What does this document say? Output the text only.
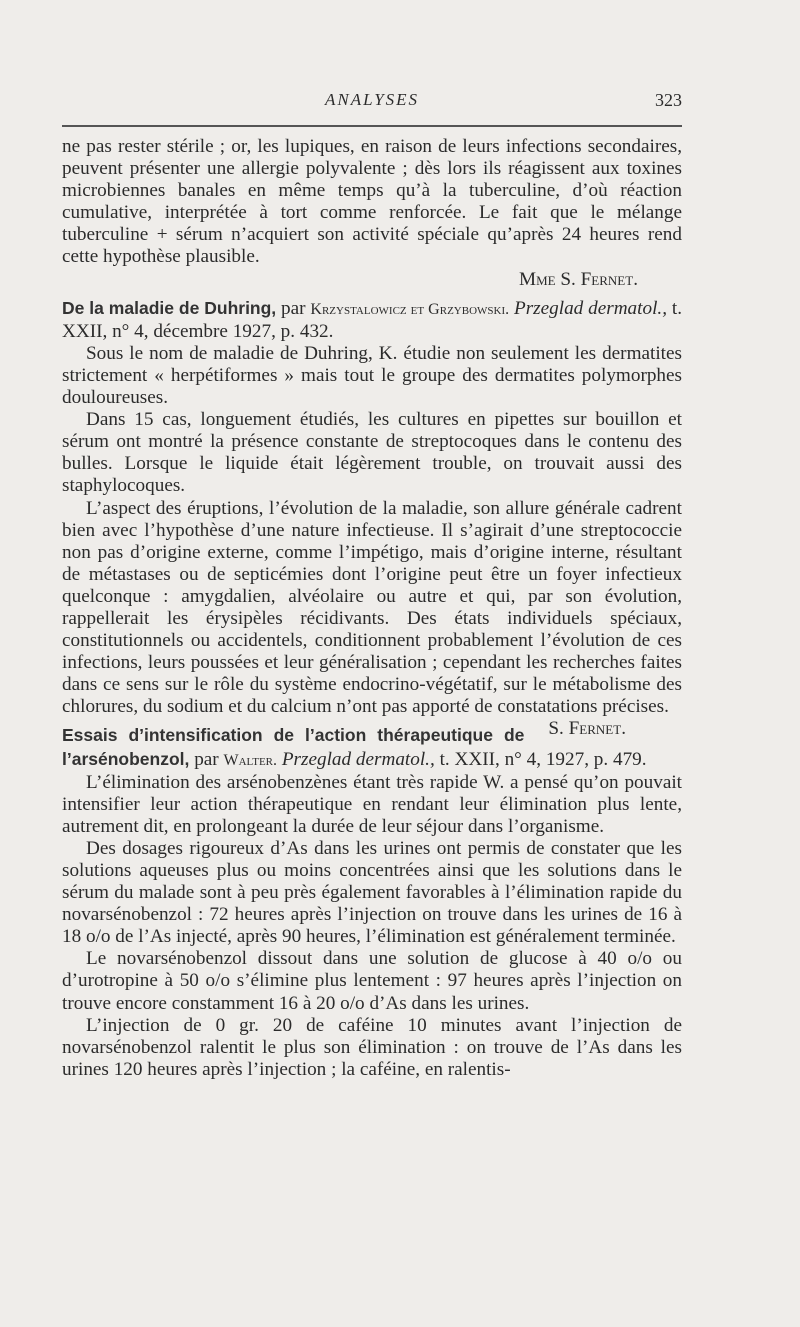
ANALYSES	323

ne pas rester stérile ; or, les lupiques, en raison de leurs infections secondaires, peuvent présenter une allergie polyvalente ; dès lors ils réagissent aux toxines microbiennes banales en même temps qu’à la tuberculine, d’où réaction cumulative, interprétée à tort comme renforcée. Le fait que le mélange tuberculine + sérum n’acquiert son activité spéciale qu’après 24 heures rend cette hypothèse plausible.

Mme S. Fernet.

De la maladie de Duhring, par Krzystalowicz et Grzybowski. Przeglad dermatol., t. XXII, n° 4, décembre 1927, p. 432.

Sous le nom de maladie de Duhring, K. étudie non seulement les dermatites strictement « herpétiformes » mais tout le groupe des dermatites polymorphes douloureuses.

Dans 15 cas, longuement étudiés, les cultures en pipettes sur bouillon et sérum ont montré la présence constante de streptocoques dans le contenu des bulles. Lorsque le liquide était légèrement trouble, on trouvait aussi des staphylocoques.

L’aspect des éruptions, l’évolution de la maladie, son allure générale cadrent bien avec l’hypothèse d’une nature infectieuse. Il s’agirait d’une streptococcie non pas d’origine externe, comme l’impétigo, mais d’origine interne, résultant de métastases ou de septicémies dont l’origine peut être un foyer infectieux quelconque : amygdalien, alvéolaire ou autre et qui, par son évolution, rappellerait les érysipèles récidivants. Des états individuels spéciaux, constitutionnels ou accidentels, conditionnent probablement l’évolution de ces infections, leurs poussées et leur généralisation ; cependant les recherches faites dans ce sens sur le rôle du système endocrino-végétatif, sur le métabolisme des chlorures, du sodium et du calcium n’ont pas apporté de constatations précises.
S. Fernet.

Essais d’intensification de l’action thérapeutique de l’arsénobenzol, par Walter. Przeglad dermatol., t. XXII, n° 4, 1927, p. 479.

L’élimination des arsénobenzènes étant très rapide W. a pensé qu’on pouvait intensifier leur action thérapeutique en rendant leur élimination plus lente, autrement dit, en prolongeant la durée de leur séjour dans l’organisme.

Des dosages rigoureux d’As dans les urines ont permis de constater que les solutions aqueuses plus ou moins concentrées ainsi que les solutions dans le sérum du malade sont à peu près également favorables à l’élimination rapide du novarsénobenzol : 72 heures après l’injection on trouve dans les urines de 16 à 18 o/o de l’As injecté, après 90 heures, l’élimination est généralement terminée.

Le novarsénobenzol dissout dans une solution de glucose à 40 o/o ou d’urotropine à 50 o/o s’élimine plus lentement : 97 heures après l’injection on trouve encore constamment 16 à 20 o/o d’As dans les urines.

L’injection de 0 gr. 20 de caféine 10 minutes avant l’injection de novarsénobenzol ralentit le plus son élimination : on trouve de l’As dans les urines 120 heures après l’injection ; la caféine, en ralentis-
